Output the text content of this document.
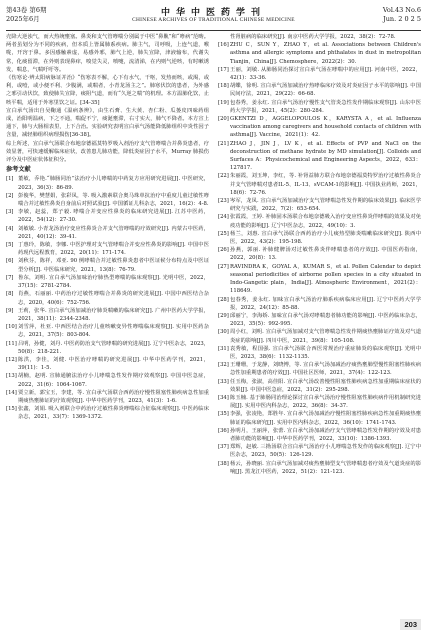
第43卷 第6期
2025年6月
中华中医药学刊
CHINESE ARCHIVES OF TRADITIONAL CHINESE MEDICINE
Vol.43 No.6
Jun. 2 0 2 5

壳降大逆浊气，而大热统壅塞。鼻炎和支气管哮喘分别属于中医“鼻鼽”和“哮病”范畴。两者虽划分为不同的疾病，但本质上皆属肺系疾病。肺主气，司呼吸，上连气道，喉咙，开窍于鼻。多因感触素虚，易感外邪，肺气上逆，肺失宣降，津液输布，代谢失常，化痰留滞，在外则表现鼻痒，嗅觉失灵，喷嚏，流清涕，在内则气逆咳，有时嗽诱发，喘息，气喘吁吁等。

《伤寒论·辨太阳病脉证并治》“伤寒表不解，心下有水气，干呕，发热而咳，或渴，或利，或噎，或小便不利、少腹满，或喘者，小青龙汤主之”。肺寒伏饮的患者，为外感之邪引动伏饮，致使肺失宣降，痰阻气道，而有“久逆之喘”的机理。本方温肺化饮，止咳平喘，适用于外寒里饮之证。[34-35]

宣白承气汤出自吴鞠通《温病条辨》，由生石膏、生大黄、杏仁粉、瓜蒌皮四味药组成，治阳明温病，下之不通，喘促不宁，痰涎壅滞，右寸实大，肺气不降者。本方宣上通下，肺与大肠相表里，上下合治。实验研究表明宣白承气汤能降低肺组织中炎性因子含量，减轻肺组织病理损伤[36-38]。

综上所述，宣白承气汤联合布地奈德福莫特罗吸入剂治疗支气管哮喘合并鼻炎患者，疗效显著，可快速缓解临床症状，改善患儿肺功能，降低炎症因子水平，Murray 肺损伤评分及中医症状体征积分。

参考文献
[1] 董敏，乔艳.“肺肠同治”法治疗小儿哮喘的中药复方应用研究进展[J]. 中医研究，2023，36(3)：86-89.
[2] 彭俊华，樊慧娟，张彩凤，等. 吸入激素联合奥马珠单抗治疗中重度儿童过敏性哮喘合并过敏性鼻炎自身前后对照试验[J]. 中国循证儿科杂志，2021，16(2)：4-8.
[3] 李敏，赵蕊，郑子毅. 哮喘合并变应性鼻炎的临床研究进展[J]. 江苏中医药，2022，54(12)：27-30.
[4] 刘敏敏. 小青龙汤治疗变应性鼻炎合并支气管哮喘的疗效研究[J]. 内蒙古中医药，2021，40(12)：39-41.
[5] 丁惠玲，陈敏，李娜. 中医护理对支气管哮喘合并变应性鼻炎的影响[J]. 中国中医药现代远程教育，2022，20(11)：171-174.
[6] 刘秋芬，陈祥，邓亚. 90 例哮喘合并过敏性鼻炎患者中医证候分布特点及中医证型分析[J]. 中医临床研究，2021，13(8)：76-79.
[7] 鲁东，刘明. 宣白承气汤加味治疗肺热型哮喘的临床观察[J]. 光明中医，2022，37(15)：2781-2784.
[8] 肖燕，石丽丽. 中药治疗过敏性哮喘合并鼻炎的研究进展[J]. 中国中西医结合杂志，2020，40(6)：752-756.
[9] 王莉，张华. 宣白承气汤加减治疗肺炎喘嗽的临床研究[J]. 广州中医药大学学报，2021，38(11)：2344-2348.
[10] 刘雪萍，杜亚. 中西医结合治疗儿童咳嗽变异性哮喘临床观察[J]. 实用中医药杂志，2021，37(5)：803-804.
[11] 吕明，孙健，刘丹. 中医药防治支气管哮喘的研究进展[J]. 辽宁中医杂志，2023，50(8)：218-221.
[12] 陈洪，李佳，刘健. 中医治疗哮喘的研究进展[J]. 中华中医药学刊，2021，39(11)：1-5.
[13] 胡楠，赵明. 宣肺通腑法治疗小儿哮喘急性发作期疗效观察[J]. 中国中医急症，2022，31(6)：1064-1067.
[14] 贾立新，郭宝玉，李建，等. 宣白承气汤联合西药治疗慢性阻塞性肺疾病急性加重期痰热壅肺证的疗效观察[J]. 中华中医药学刊，2023，41(3)：1-6.
[15] 张鑫，刘娟. 吸入剂联合中药治疗过敏性鼻炎哮喘综合征临床观察[J]. 中医药临床杂志，2021，33(7)：1369-1372.
性肾脏病的临床研究[J]. 南京中医药大学学报，2022，38(2)：72-78.
[16] ZHU C，SUN Y，ZHAO Y，et al. Associations between Children's asthma and allergic symptoms and phthalates in dust in metropolitan Tianjin，China[J]. Chemosphere，2022(2)：30.
[17] 王丽，刘敏. 从肺肠同治探讨宣白承气汤在哮喘中的应用[J]. 河南中医，2022，42(1)：33-36.
[18] 胡蝶，徐明. 宣白承气汤加减治疗热哮临床疗效及对炎症因子水平的影响[J]. 中国民间疗法，2021，29(22)：66-68.
[19] 包春秀，姜永红. 宣白承气汤治疗慢性支气管炎急性发作期临床观察[J]. 山东中医药大学学报，2021，45(2)：280-284.
[20] GKENTZI D，AGGELOPOULOS K，KARYSTA A，et al. Influenza vaccination among caregivers and household contacts of children with asthma[J]. Vaccine，2021(1)：42.
[21] ZHAO J，JIN J，LV K，et al. Effects of PVP and NaCl on the deconstruction of methane hydrate by MD simulation[J]. Colloids and Surfaces A：Physicochemical and Engineering Aspects，2022，633：127817.
[22] 朱丽霞，刘玉坤，李红，等. 补肾益肺方联合布地奈德福莫特罗治疗过敏性鼻炎合并支气管哮喘对患者IL-5、IL-13、sVCAM-1的影响[J]. 中国执业药师，2021，18(6)：72-76.
[23] 岑军，龙凤. 宣白承气汤加减治疗支气管哮喘急性发作期的临床效果[J]. 临床医学研究与实践，2022，7(2)：653-654.
[24] 张霞霞，王婷. 补肺固本汤联合布地奈德吸入治疗变应性鼻炎伴哮喘的效果及对免疫功能的影响[J]. 辽宁中医杂志，2022，49(10)：3.
[25] 杨兰，刘惠. 宣白承气汤联合西药治疗小儿痰热型肺炎喘嗽临床研究[J]. 陕西中医，2022，43(2)：195-198.
[26] 孙燕，郭丽. 补肺健脾汤对过敏性鼻炎伴哮喘患者的疗效[J]. 中国医药指南，2022，20(8)：13.
[27] RAVINDRA K，GOYAL A，KUMAR S，et al. Pollen Calendar to depict seasonal periodicities of airborne pollen species in a city situated in Indo-Gangetic plain，India[J]. Atmospheric Environment，2021(2)：118649.
[28] 包春秀，姜永红. 加味宣白承气汤治疗肺系疾病临床应用[J]. 辽宁中医药大学学报，2022，24(12)：85-88.
[29] 邱丽宁，李海娇. 加味宣白承气汤对哮喘患者肺功能的影响[J]. 中医药临床杂志，2023，35(5)：992-995.
[30] 周小红，刘明. 宣白承气汤加减对支气管哮喘急性发作期痰热壅肺证疗效及对气道炎症的影响[J]. 四川中医，2021，39(8)：105-108.
[31] 袁秀敏，程国强. 宣白承气汤联合西医常规治疗重症肺炎的临床观察[J]. 光明中医，2023，38(6)：1132-1135.
[32] 王珊珊，于龙静，刘晓博，等. 宣白承气汤加减治疗痰热壅肺型慢性阻塞性肺疾病急性加重期患者的疗效[J]. 中国社区医师，2021，37(4)：122-123.
[33] 任玉梅，张淑，高佳阳. 宣白承气汤改善慢性阻塞性肺疾病急性加重期临床症状的效果[J]. 中国中医急症，2022，31(2)：295-298.
[34] 陈玉楠. 基于肺肠同治理论探讨宣白承气汤治疗慢性阻塞性肺疾病作用机制研究进展[J]. 实用中医内科杂志，2022，36(8)：34-37.
[35] 李强，张凌艳，郑胜年. 宣白承气汤加减治疗慢性阻塞性肺疾病急性加重期痰热壅肺证的临床研究[J]. 实用中医内科杂志，2022，36(10)：1741-1743.
[36] 孙明月，王丽萍，张蕾. 宣白承气汤加减治疗支气管哮喘急性发作期的疗效及对患者肺功能的影响[J]. 中华中医药学刊，2022，33(10)：1386-1393.
[37] 郑辉，赵敏. 三拗汤联合宣白承气汤治疗小儿哮喘急性发作的临床观察[J]. 辽宁中医杂志，2023，50(5)：126-129.
[38] 杨云，孙晓丽. 宣白承气汤加减对痰热壅肺型支气管哮喘患者疗效及气道炎症的影响[J]. 黑龙江中医药，2022，51(2)：121-123.
203
